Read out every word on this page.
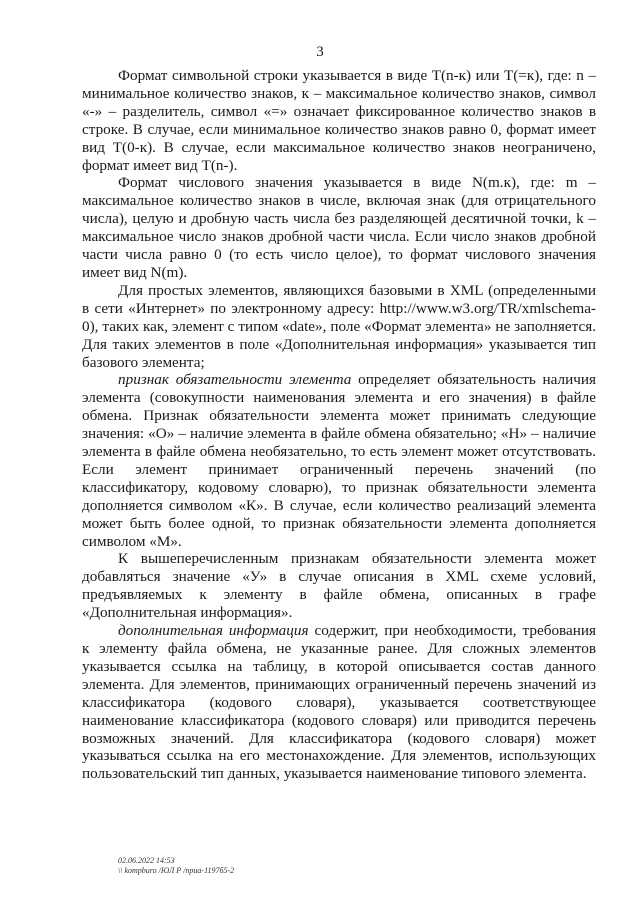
3

Формат символьной строки указывается в виде T(n-к) или T(=к), где: n – минимальное количество знаков, к – максимальное количество знаков, символ «-» – разделитель, символ «=» означает фиксированное количество знаков в строке. В случае, если минимальное количество знаков равно 0, формат имеет вид T(0-к). В случае, если максимальное количество знаков неограничено, формат имеет вид T(n-).

Формат числового значения указывается в виде N(m.к), где: m – максимальное количество знаков в числе, включая знак (для отрицательного числа), целую и дробную часть числа без разделяющей десятичной точки, k – максимальное число знаков дробной части числа. Если число знаков дробной части числа равно 0 (то есть число целое), то формат числового значения имеет вид N(m).

Для простых элементов, являющихся базовыми в XML (определенными в сети «Интернет» по электронному адресу: http://www.w3.org/TR/xmlschema-0), таких как, элемент с типом «date», поле «Формат элемента» не заполняется. Для таких элементов в поле «Дополнительная информация» указывается тип базового элемента;

признак обязательности элемента определяет обязательность наличия элемента (совокупности наименования элемента и его значения) в файле обмена. Признак обязательности элемента может принимать следующие значения: «О» – наличие элемента в файле обмена обязательно; «Н» – наличие элемента в файле обмена необязательно, то есть элемент может отсутствовать. Если элемент принимает ограниченный перечень значений (по классификатору, кодовому словарю), то признак обязательности элемента дополняется символом «К». В случае, если количество реализаций элемента может быть более одной, то признак обязательности элемента дополняется символом «М».

К вышеперечисленным признакам обязательности элемента может добавляться значение «У» в случае описания в XML схеме условий, предъявляемых к элементу в файле обмена, описанных в графе «Дополнительная информация».

дополнительная информация содержит, при необходимости, требования к элементу файла обмена, не указанные ранее. Для сложных элементов указывается ссылка на таблицу, в которой описывается состав данного элемента. Для элементов, принимающих ограниченный перечень значений из классификатора (кодового словаря), указывается соответствующее наименование классификатора (кодового словаря) или приводится перечень возможных значений. Для классификатора (кодового словаря) может указываться ссылка на его местонахождение. Для элементов, использующих пользовательский тип данных, указывается наименование типового элемента.

02.06.2022 14:53
\\ kompburo /ЮЛ Р /приа-1197б5-2
